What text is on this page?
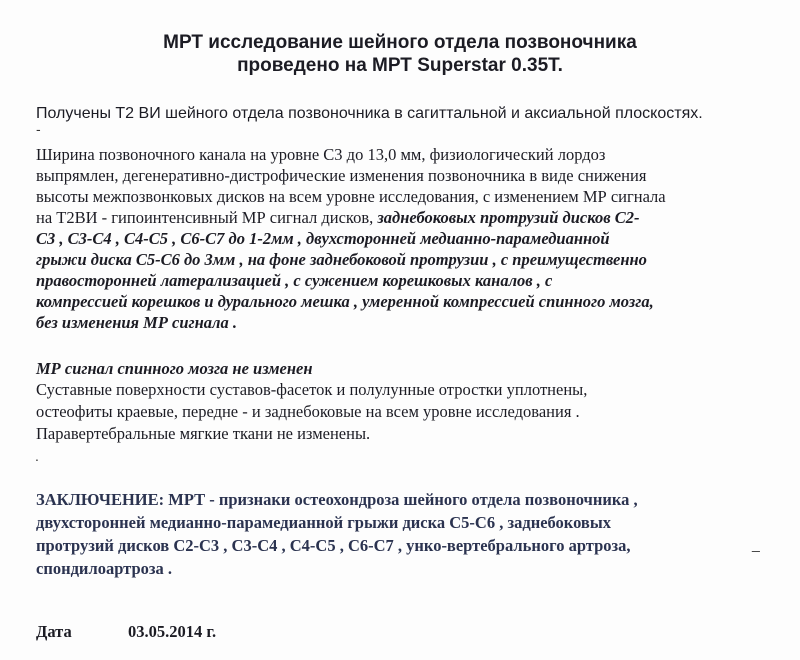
МРТ исследование шейного отдела позвоночника
проведено на МРТ Superstar 0.35T.
Получены Т2 ВИ шейного отдела позвоночника в сагиттальной и аксиальной плоскостях.
-
Ширина позвоночного канала на уровне С3 до 13,0 мм, физиологический лордоз
выпрямлен, дегенеративно-дистрофические изменения позвоночника в виде снижения
высоты межпозвонковых дисков на всем уровне исследования, с изменением МР сигнала
на Т2ВИ - гипоинтенсивный МР сигнал дисков, заднебоковых протрузий дисков С2-
С3 , С3-С4 , С4-С5 , С6-С7 до 1-2мм , двухсторонней медианно-парамедианной
грыжи диска С5-С6 до 3мм , на фоне заднебоковой протрузии , с преимущественно
правосторонней латерализацией , с сужением корешковых каналов , с
компрессией корешков и дурального мешка , умеренной компрессией спинного мозга,
без изменения МР сигнала .
МР сигнал спинного мозга не изменен
Суставные поверхности суставов-фасеток и полулунные отростки уплотнены,
остеофиты краевые, передне - и заднебоковые на всем уровне исследования .
Паравертебральные мягкие ткани не изменены.
.
ЗАКЛЮЧЕНИЕ: МРТ - признаки остеохондроза шейного отдела позвоночника ,
двухсторонней медианно-парамедианной грыжи диска С5-С6 , заднебоковых
протрузий дисков С2-С3 , С3-С4 , С4-С5 , С6-С7 , унко-вертебрального артроза,	_
спондилоартроза .
Дата	03.05.2014 г.
